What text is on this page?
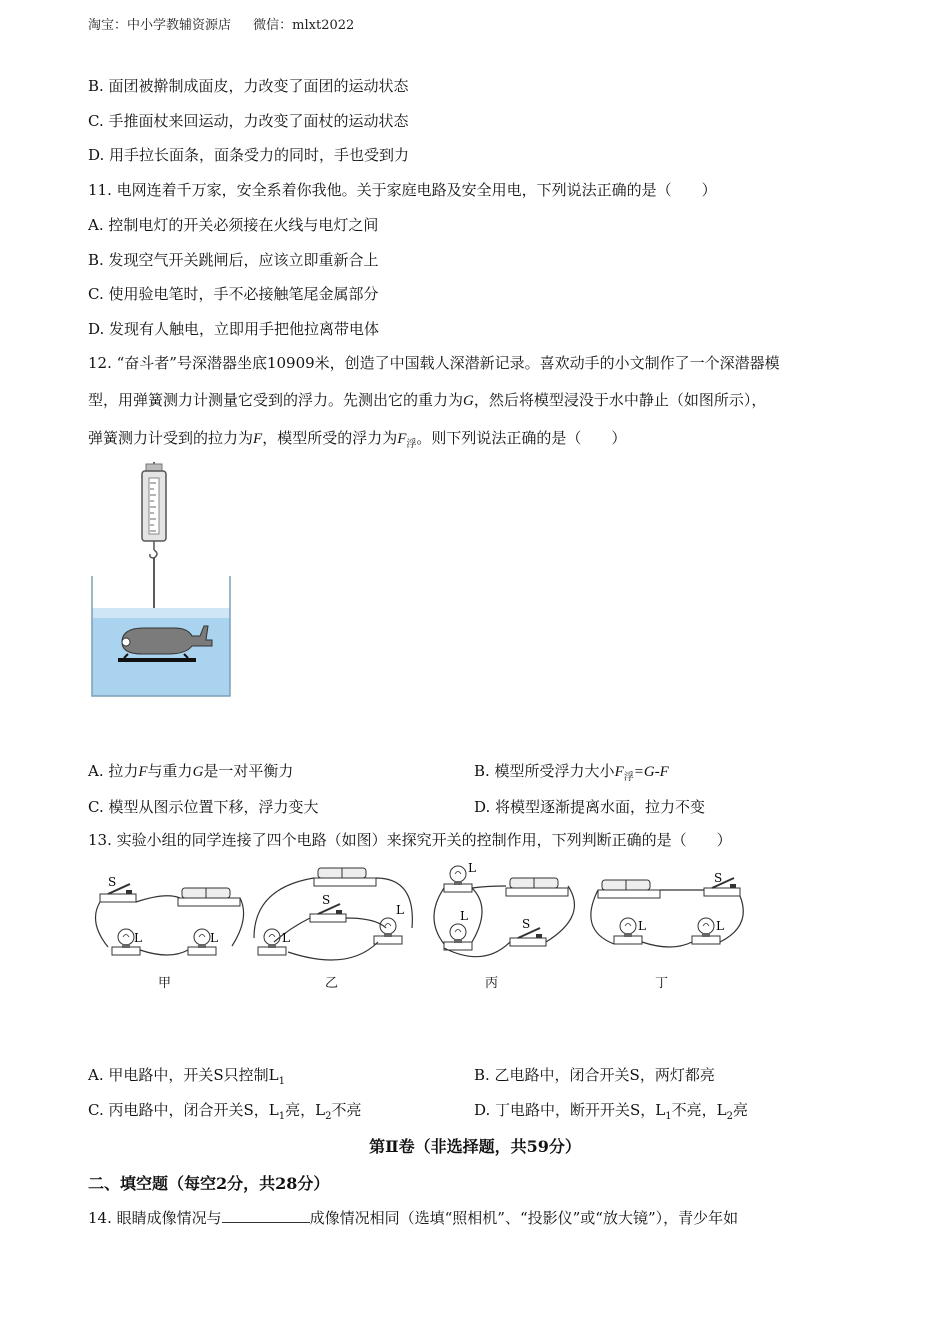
淘宝：中小学教辅资源店 微信：mlxt2022
B. 面团被擀制成面皮，力改变了面团的运动状态
C. 手推面杖来回运动，力改变了面杖的运动状态
D. 用手拉长面条，面条受力的同时，手也受到力
11. 电网连着千万家，安全系着你我他。关于家庭电路及安全用电，下列说法正确的是（　　）
A. 控制电灯的开关必须接在火线与电灯之间
B. 发现空气开关跳闸后，应该立即重新合上
C. 使用验电笔时，手不必接触笔尾金属部分
D. 发现有人触电，立即用手把他拉离带电体
12. “奋斗者”号深潜器坐底10909米，创造了中国载人深潜新记录。喜欢动手的小文制作了一个深潜器模
型，用弹簧测力计测量它受到的浮力。先测出它的重力为G，然后将模型浸没于水中静止（如图所示），
弹簧测力计受到的拉力为F，模型所受的浮力为$F_浮$。则下列说法正确的是（　　）
A. 拉力F与重力G是一对平衡力	B. 模型所受浮力大小$F_浮=G-F$
C. 模型从图示位置下移，浮力变大	D. 将模型逐渐提离水面，拉力不变
13. 实验小组的同学连接了四个电路（如图）来探究开关的控制作用，下列判断正确的是（　　）
S
L	L
S
L
L
L
L
S
S
L	L
甲	乙	丙	丁
A. 甲电路中，开关S只控制$L_1$	B. 乙电路中，闭合开关S，两灯都亮
C. 丙电路中，闭合开关S，$L_1$亮，$L_2$不亮	D. 丁电路中，断开开关S，$L_1$不亮，$L_2$亮
第Ⅱ卷（非选择题，共59分）
二、填空题（每空2分，共28分）
14. 眼睛成像情况与	成像情况相同（选填“照相机”、“投影仪”或“放大镜”），青少年如
